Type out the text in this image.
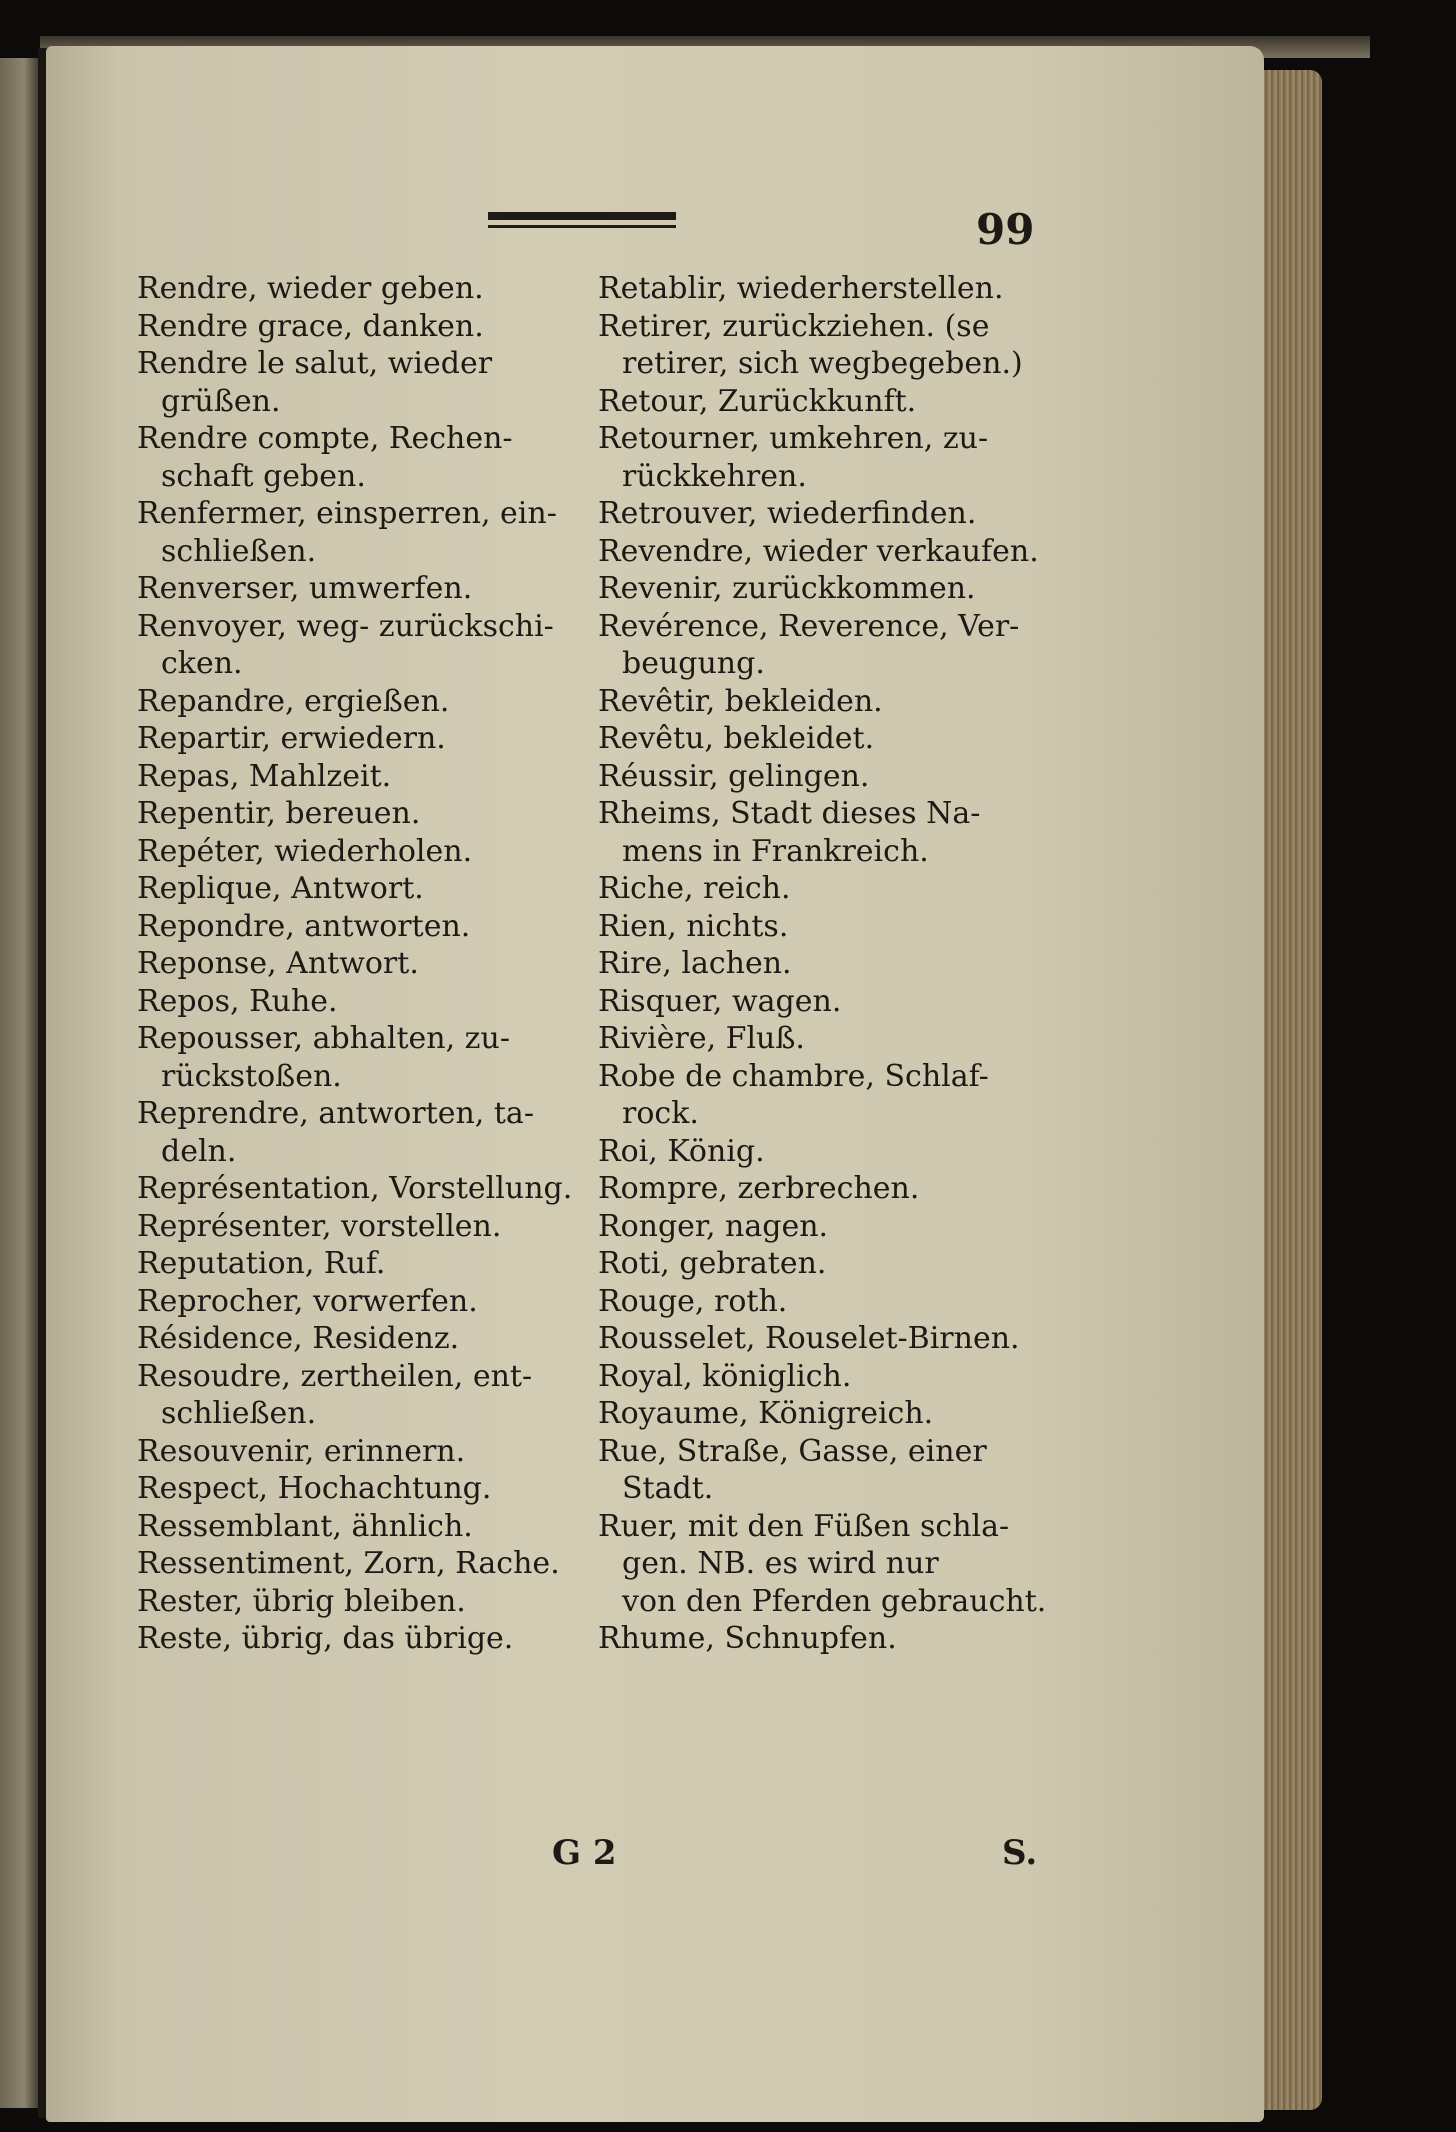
99
Rendre, wieder geben.
Rendre grace, danken.
Rendre le salut, wieder
grüßen.
Rendre compte, Rechen-
schaft geben.
Renfermer, einsperren, ein-
schließen.
Renverser, umwerfen.
Renvoyer, weg- zurückschi-
cken.
Repandre, ergießen.
Repartir, erwiedern.
Repas, Mahlzeit.
Repentir, bereuen.
Repéter, wiederholen.
Replique, Antwort.
Repondre, antworten.
Reponse, Antwort.
Repos, Ruhe.
Repousser, abhalten, zu-
rückstoßen.
Reprendre, antworten, ta-
deln.
Représentation, Vorstellung.
Représenter, vorstellen.
Reputation, Ruf.
Reprocher, vorwerfen.
Résidence, Residenz.
Resoudre, zertheilen, ent-
schließen.
Resouvenir, erinnern.
Respect, Hochachtung.
Ressemblant, ähnlich.
Ressentiment, Zorn, Rache.
Rester, übrig bleiben.
Reste, übrig, das übrige.
Retablir, wiederherstellen.
Retirer, zurückziehen. (se
retirer, sich wegbegeben.)
Retour, Zurückkunft.
Retourner, umkehren, zu-
rückkehren.
Retrouver, wiederfinden.
Revendre, wieder verkaufen.
Revenir, zurückkommen.
Revérence, Reverence, Ver-
beugung.
Revêtir, bekleiden.
Revêtu, bekleidet.
Réussir, gelingen.
Rheims, Stadt dieses Na-
mens in Frankreich.
Riche, reich.
Rien, nichts.
Rire, lachen.
Risquer, wagen.
Rivière, Fluß.
Robe de chambre, Schlaf-
rock.
Roi, König.
Rompre, zerbrechen.
Ronger, nagen.
Roti, gebraten.
Rouge, roth.
Rousselet, Rouselet-Birnen.
Royal, königlich.
Royaume, Königreich.
Rue, Straße, Gasse, einer
Stadt.
Ruer, mit den Füßen schla-
gen. NB. es wird nur
von den Pferden gebraucht.
Rhume, Schnupfen.
G 2	S.
